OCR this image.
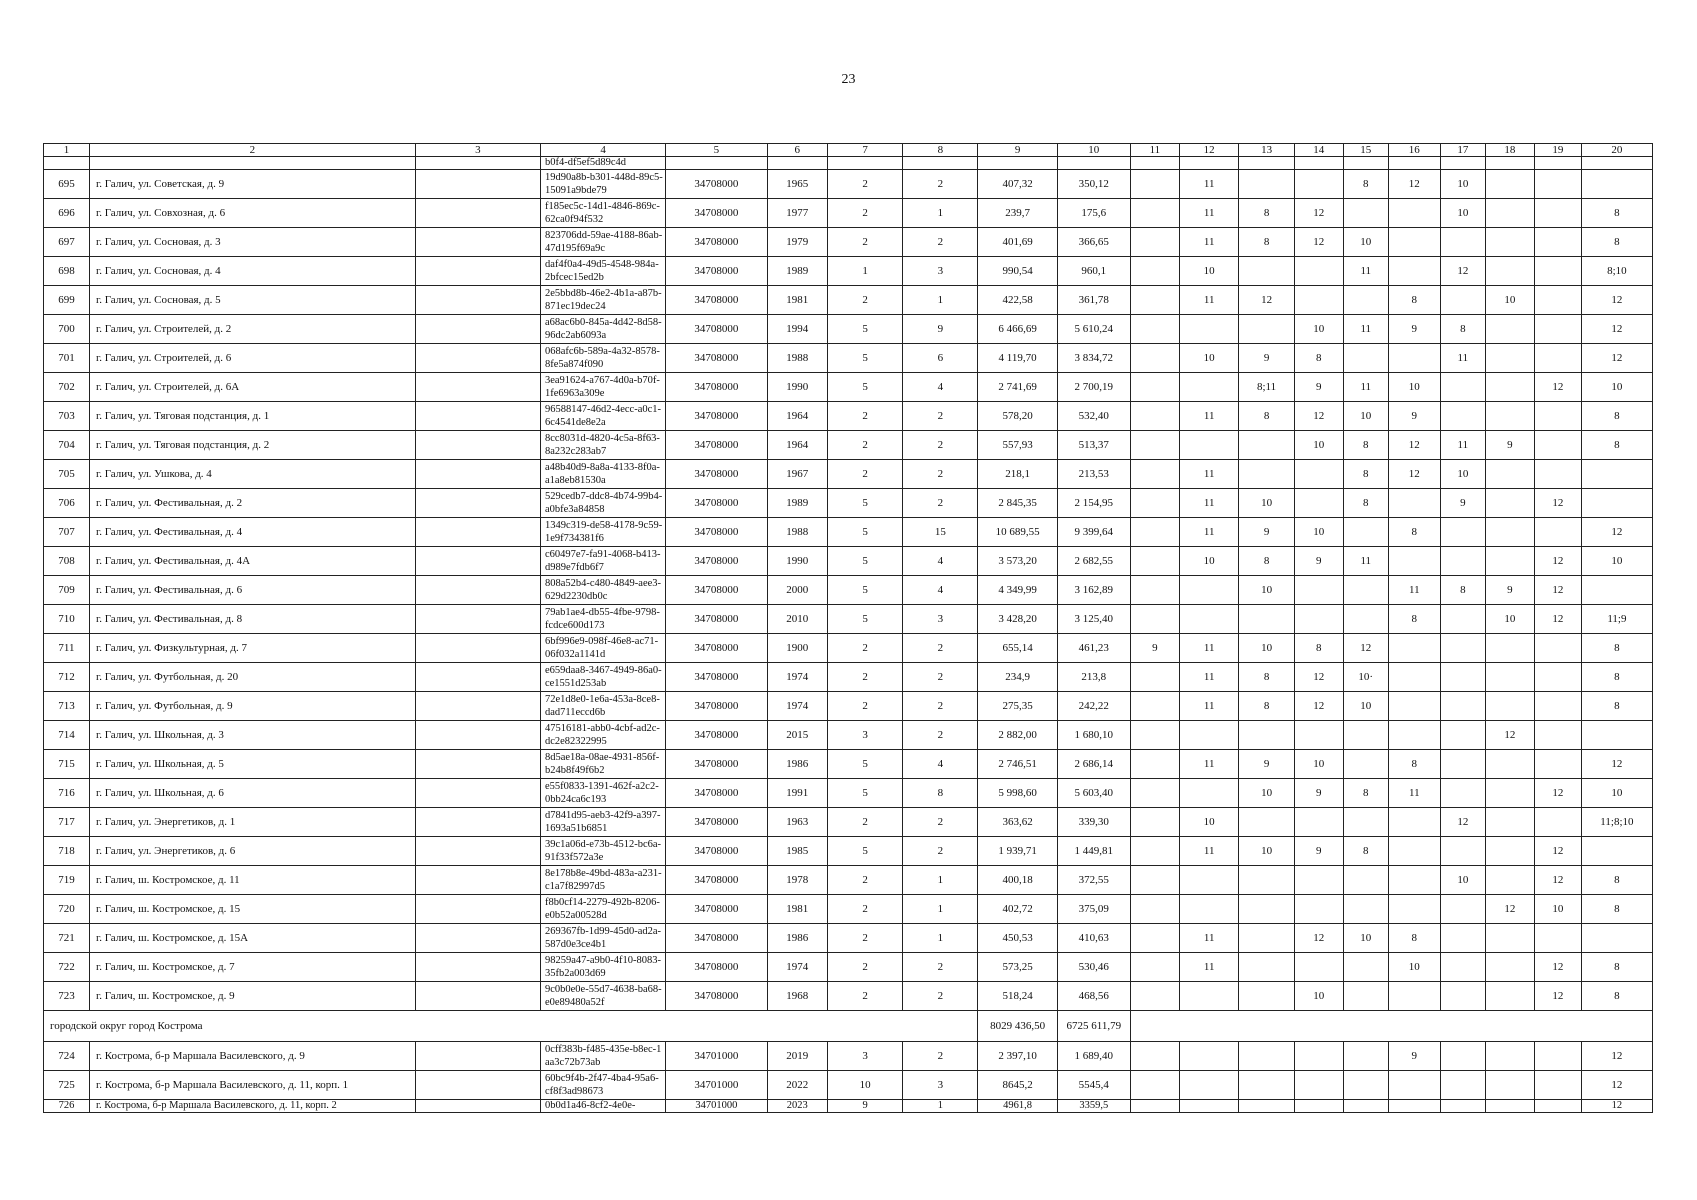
23
1	2	3	4	5	6	7	8	9	10	11	12	13	14	15	16	17	18	19	20
			b0f4-df5ef5d89c4d																
695	г. Галич, ул. Советская, д. 9		19d90a8b-b301-448d-89c5-15091a9bde79	34708000	1965	2	2	407,32	350,12		11			8	12	10			
696	г. Галич, ул. Совхозная, д. 6		f185ec5c-14d1-4846-869c-62ca0f94f532	34708000	1977	2	1	239,7	175,6		11	8	12			10			8
697	г. Галич, ул. Сосновая, д. 3		823706dd-59ae-4188-86ab-47d195f69a9c	34708000	1979	2	2	401,69	366,65		11	8	12	10					8
698	г. Галич, ул. Сосновая, д. 4		daf4f0a4-49d5-4548-984a-2bfcec15ed2b	34708000	1989	1	3	990,54	960,1		10			11		12			8;10
699	г. Галич, ул. Сосновая, д. 5		2e5bbd8b-46e2-4b1a-a87b-871ec19dec24	34708000	1981	2	1	422,58	361,78		11	12			8		10		12
700	г. Галич, ул. Строителей, д. 2		a68ac6b0-845a-4d42-8d58-96dc2ab6093a	34708000	1994	5	9	6 466,69	5 610,24				10	11	9	8			12
701	г. Галич, ул. Строителей, д. 6		068afc6b-589a-4a32-8578-8fe5a874f090	34708000	1988	5	6	4 119,70	3 834,72		10	9	8			11			12
702	г. Галич, ул. Строителей, д. 6А		3ea91624-a767-4d0a-b70f-1fe6963a309e	34708000	1990	5	4	2 741,69	2 700,19			8;11	9	11	10			12	10
703	г. Галич, ул. Тяговая подстанция, д. 1		96588147-46d2-4ecc-a0c1-6c4541de8e2a	34708000	1964	2	2	578,20	532,40		11	8	12	10	9				8
704	г. Галич, ул. Тяговая подстанция, д. 2		8cc8031d-4820-4c5a-8f63-8a232c283ab7	34708000	1964	2	2	557,93	513,37				10	8	12	11	9		8
705	г. Галич, ул. Ушкова, д. 4		a48b40d9-8a8a-4133-8f0a-a1a8eb81530a	34708000	1967	2	2	218,1	213,53		11			8	12	10			
706	г. Галич, ул. Фестивальная, д. 2		529cedb7-ddc8-4b74-99b4-a0bfe3a84858	34708000	1989	5	2	2 845,35	2 154,95		11	10		8		9		12	
707	г. Галич, ул. Фестивальная, д. 4		1349c319-de58-4178-9c59-1e9f734381f6	34708000	1988	5	15	10 689,55	9 399,64		11	9	10		8				12
708	г. Галич, ул. Фестивальная, д. 4А		c60497e7-fa91-4068-b413-d989e7fdb6f7	34708000	1990	5	4	3 573,20	2 682,55		10	8	9	11				12	10
709	г. Галич, ул. Фестивальная, д. 6		808a52b4-c480-4849-aee3-629d2230db0c	34708000	2000	5	4	4 349,99	3 162,89			10			11	8	9	12	
710	г. Галич, ул. Фестивальная, д. 8		79ab1ae4-db55-4fbe-9798-fcdce600d173	34708000	2010	5	3	3 428,20	3 125,40						8		10	12	11;9
711	г. Галич, ул. Физкультурная, д. 7		6bf996e9-098f-46e8-ac71-06f032a1141d	34708000	1900	2	2	655,14	461,23	9	11	10	8	12					8
712	г. Галич, ул. Футбольная, д. 20		e659daa8-3467-4949-86a0-ce1551d253ab	34708000	1974	2	2	234,9	213,8		11	8	12	10·					8
713	г. Галич, ул. Футбольная, д. 9		72e1d8e0-1e6a-453a-8ce8-dad711eccd6b	34708000	1974	2	2	275,35	242,22		11	8	12	10					8
714	г. Галич, ул. Школьная, д. 3		47516181-abb0-4cbf-ad2c-dc2e82322995	34708000	2015	3	2	2 882,00	1 680,10								12		
715	г. Галич, ул. Школьная, д. 5		8d5ae18a-08ae-4931-856f-b24b8f49f6b2	34708000	1986	5	4	2 746,51	2 686,14		11	9	10		8				12
716	г. Галич, ул. Школьная, д. 6		e55f0833-1391-462f-a2c2-0bb24ca6c193	34708000	1991	5	8	5 998,60	5 603,40			10	9	8	11			12	10
717	г. Галич, ул. Энергетиков, д. 1		d7841d95-aeb3-42f9-a397-1693a51b6851	34708000	1963	2	2	363,62	339,30		10					12			11;8;10
718	г. Галич, ул. Энергетиков, д. 6		39c1a06d-e73b-4512-bc6a-91f33f572a3e	34708000	1985	5	2	1 939,71	1 449,81		11	10	9	8				12	
719	г. Галич, ш. Костромское, д. 11		8e178b8e-49bd-483a-a231-c1a7f82997d5	34708000	1978	2	1	400,18	372,55							10		12	8
720	г. Галич, ш. Костромское, д. 15		f8b0cf14-2279-492b-8206-e0b52a00528d	34708000	1981	2	1	402,72	375,09								12	10	8
721	г. Галич, ш. Костромское, д. 15А		269367fb-1d99-45d0-ad2a-587d0e3ce4b1	34708000	1986	2	1	450,53	410,63		11		12	10	8				
722	г. Галич, ш. Костромское, д. 7		98259a47-a9b0-4f10-8083-35fb2a003d69	34708000	1974	2	2	573,25	530,46		11				10			12	8
723	г. Галич, ш. Костромское, д. 9		9c0b0e0e-55d7-4638-ba68-e0e89480a52f	34708000	1968	2	2	518,24	468,56				10					12	8
городской округ город Кострома								8029 436,50	6725 611,79										
724	г. Кострома, б-р Маршала Василевского, д. 9		0cff383b-f485-435e-b8ec-1aa3c72b73ab	34701000	2019	3	2	2 397,10	1 689,40						9				12
725	г. Кострома, б-р Маршала Василевского, д. 11, корп. 1		60bc9f4b-2f47-4ba4-95a6-cf8f3ad98673	34701000	2022	10	3	8645,2	5545,4										12
726	г. Кострома, б-р Маршала Василевского, д. 11, корп. 2		0b0d1a46-8cf2-4e0e-	34701000	2023	9	1	4961,8	3359,5										12
